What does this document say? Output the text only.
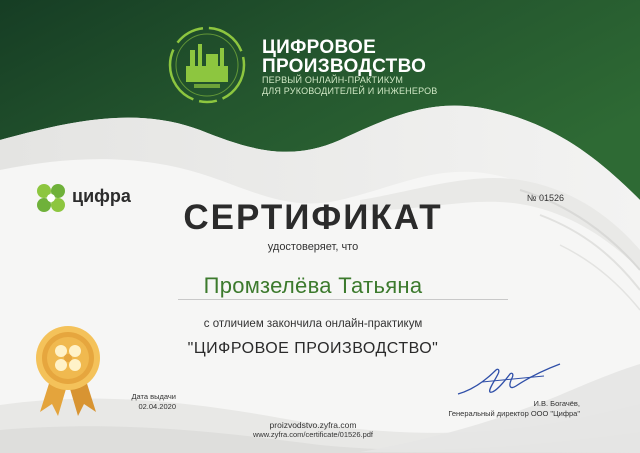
ЦИФРОВОЕ
ПРОИЗВОДСТВО
ПЕРВЫЙ ОНЛАЙН-ПРАКТИКУМ
ДЛЯ РУКОВОДИТЕЛЕЙ И ИНЖЕНЕРОВ
цифра	№ 01526
СЕРТИФИКАТ
удостоверяет, что
Промзелёва Татьяна
с отличием закончила онлайн-практикум
"ЦИФРОВОЕ ПРОИЗВОДСТВО"
Дата выдачи
02.04.2020
proizvodstvo.zyfra.com
www.zyfra.com/certificate/01526.pdf
И.В. Богачёв,
Генеральный директор ООО "Цифра"
